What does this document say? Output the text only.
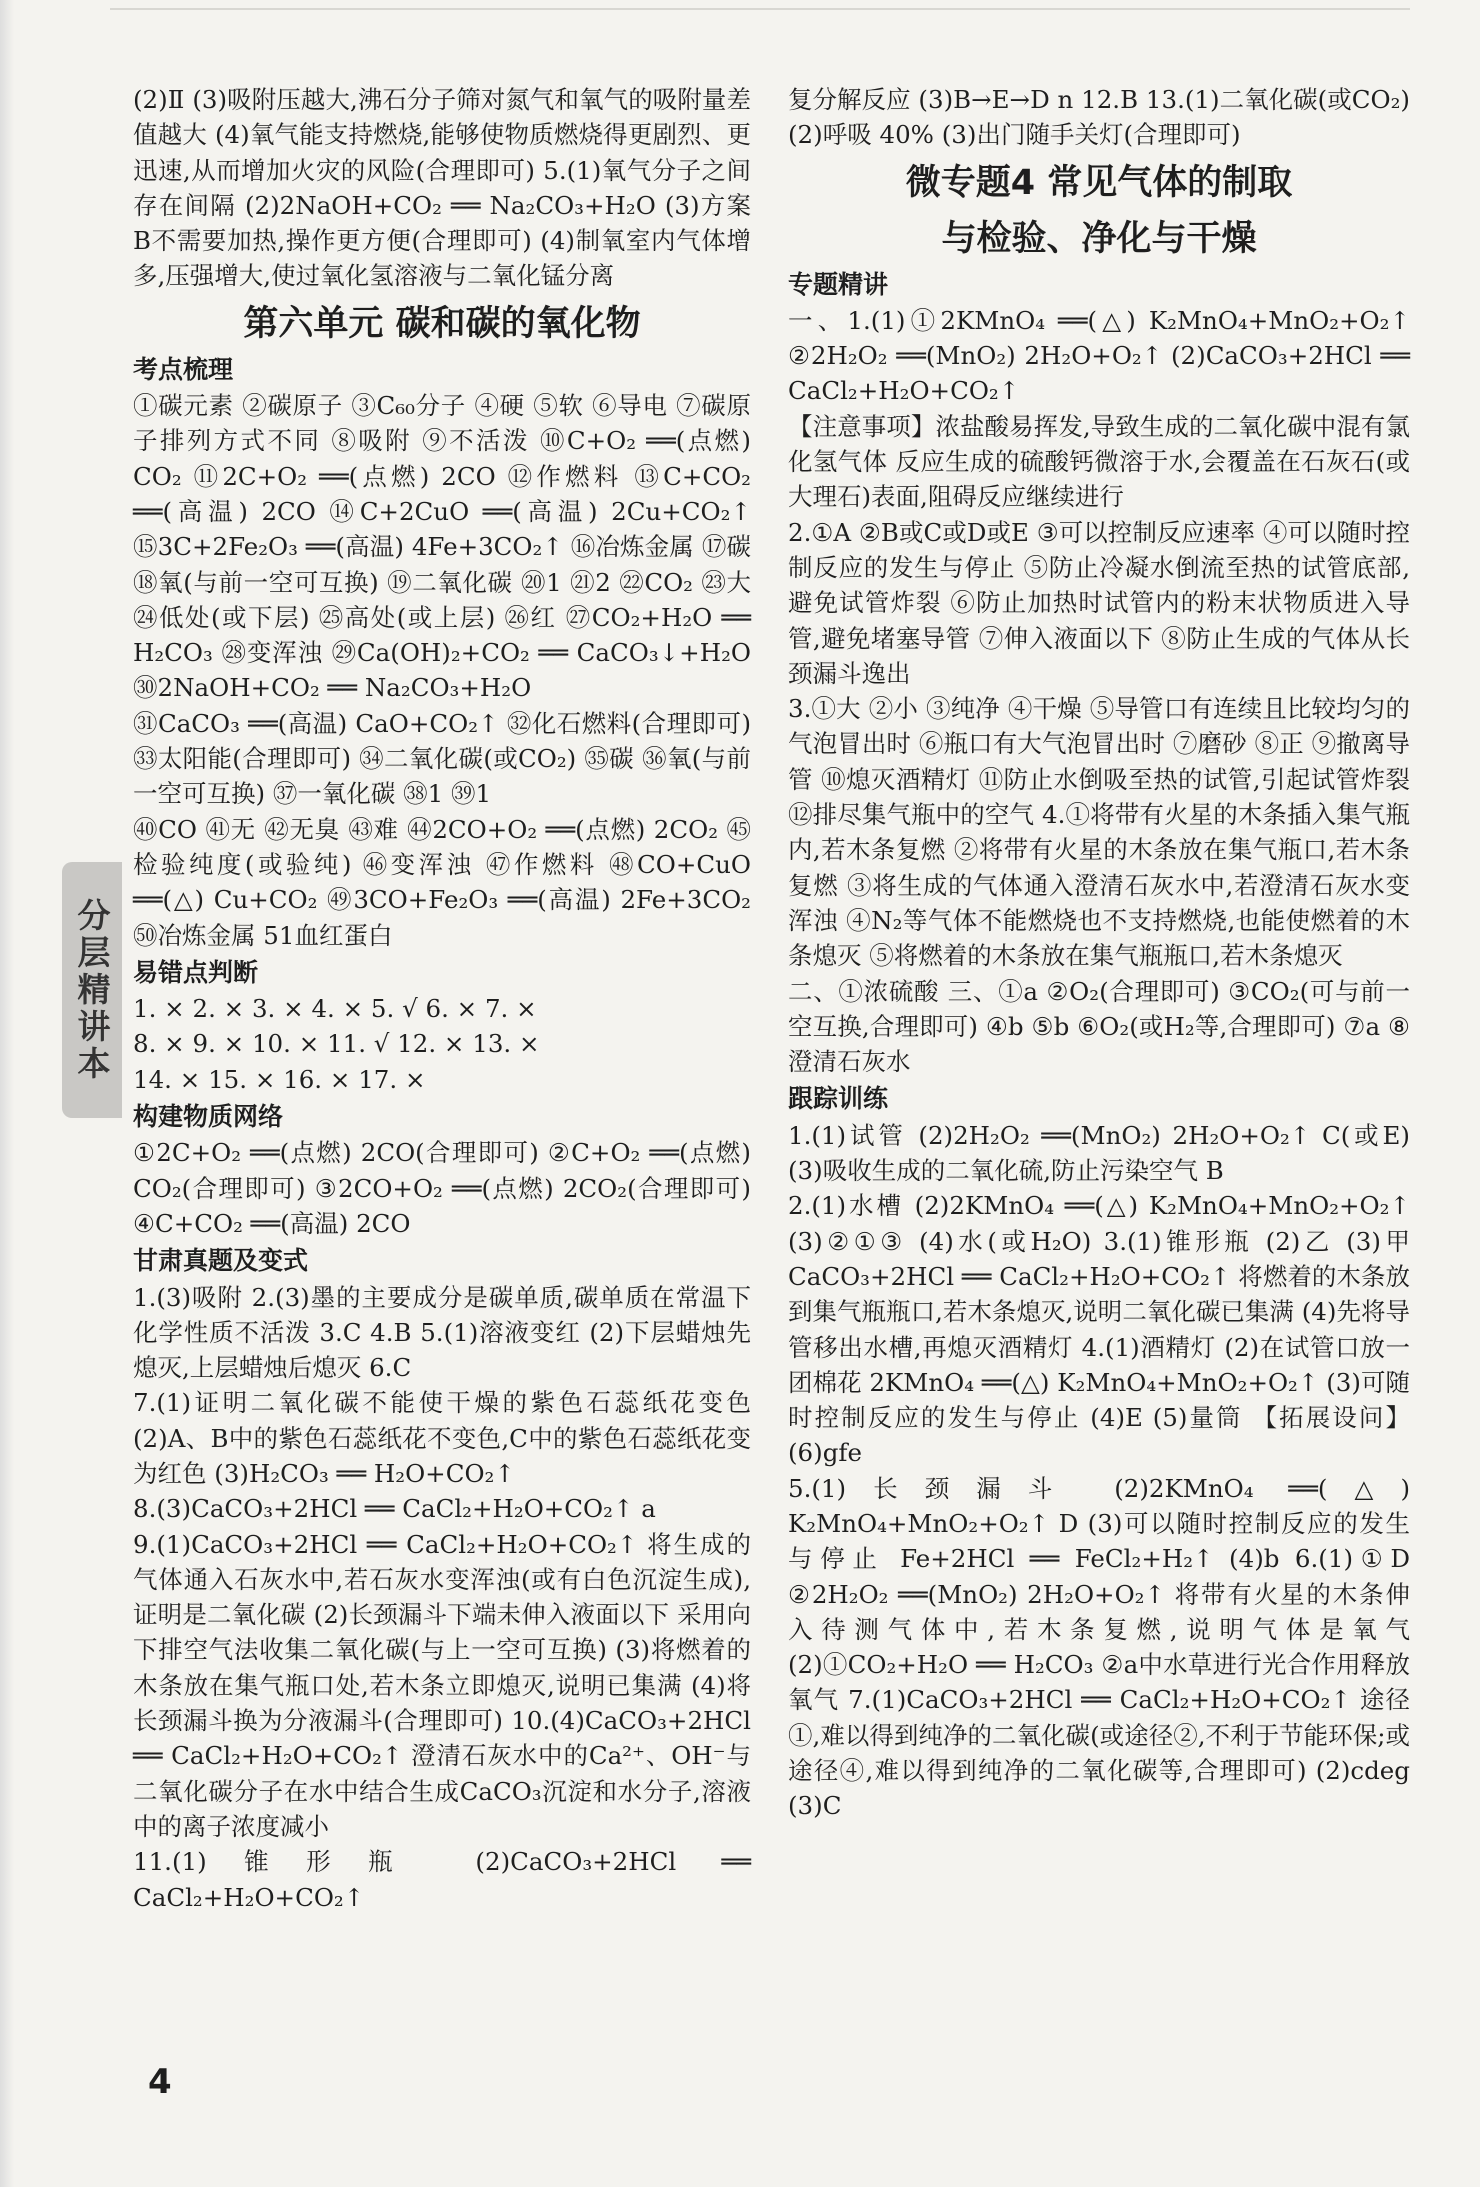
(2)Ⅱ (3)吸附压越大,沸石分子筛对氮气和氧气的吸附量差值越大 (4)氧气能支持燃烧,能够使物质燃烧得更剧烈、更迅速,从而增加火灾的风险(合理即可) 5.(1)氧气分子之间存在间隔 (2)2NaOH+CO₂ ══ Na₂CO₃+H₂O (3)方案B不需要加热,操作更方便(合理即可) (4)制氧室内气体增多,压强增大,使过氧化氢溶液与二氧化锰分离

第六单元 碳和碳的氧化物

考点梳理

①碳元素 ②碳原子 ③C₆₀分子 ④硬 ⑤软 ⑥导电 ⑦碳原子排列方式不同 ⑧吸附 ⑨不活泼 ⑩C+O₂ ══(点燃) CO₂ ⑪2C+O₂ ══(点燃) 2CO ⑫作燃料 ⑬C+CO₂ ══(高温) 2CO ⑭C+2CuO ══(高温) 2Cu+CO₂↑ ⑮3C+2Fe₂O₃ ══(高温) 4Fe+3CO₂↑ ⑯冶炼金属 ⑰碳 ⑱氧(与前一空可互换) ⑲二氧化碳 ⑳1 ㉑2 ㉒CO₂ ㉓大 ㉔低处(或下层) ㉕高处(或上层) ㉖红 ㉗CO₂+H₂O ══ H₂CO₃ ㉘变浑浊 ㉙Ca(OH)₂+CO₂ ══ CaCO₃↓+H₂O ㉚2NaOH+CO₂ ══ Na₂CO₃+H₂O

㉛CaCO₃ ══(高温) CaO+CO₂↑ ㉜化石燃料(合理即可) ㉝太阳能(合理即可) ㉞二氧化碳(或CO₂) ㉟碳 ㊱氧(与前一空可互换) ㊲一氧化碳 ㊳1 ㊴1

㊵CO ㊶无 ㊷无臭 ㊸难 ㊹2CO+O₂ ══(点燃) 2CO₂ ㊺检验纯度(或验纯) ㊻变浑浊 ㊼作燃料 ㊽CO+CuO ══(△) Cu+CO₂ ㊾3CO+Fe₂O₃ ══(高温) 2Fe+3CO₂ ㊿冶炼金属 51血红蛋白

易错点判断

1. × 2. × 3. × 4. × 5. √ 6. × 7. ×

8. × 9. × 10. × 11. √ 12. × 13. ×

14. × 15. × 16. × 17. ×

构建物质网络

①2C+O₂ ══(点燃) 2CO(合理即可) ②C+O₂ ══(点燃) CO₂(合理即可) ③2CO+O₂ ══(点燃) 2CO₂(合理即可) ④C+CO₂ ══(高温) 2CO

甘肃真题及变式

1.(3)吸附 2.(3)墨的主要成分是碳单质,碳单质在常温下化学性质不活泼 3.C 4.B 5.(1)溶液变红 (2)下层蜡烛先熄灭,上层蜡烛后熄灭 6.C

7.(1)证明二氧化碳不能使干燥的紫色石蕊纸花变色 (2)A、B中的紫色石蕊纸花不变色,C中的紫色石蕊纸花变为红色 (3)H₂CO₃ ══ H₂O+CO₂↑

8.(3)CaCO₃+2HCl ══ CaCl₂+H₂O+CO₂↑ a

9.(1)CaCO₃+2HCl ══ CaCl₂+H₂O+CO₂↑ 将生成的气体通入石灰水中,若石灰水变浑浊(或有白色沉淀生成),证明是二氧化碳 (2)长颈漏斗下端未伸入液面以下 采用向下排空气法收集二氧化碳(与上一空可互换) (3)将燃着的木条放在集气瓶口处,若木条立即熄灭,说明已集满 (4)将长颈漏斗换为分液漏斗(合理即可) 10.(4)CaCO₃+2HCl ══ CaCl₂+H₂O+CO₂↑ 澄清石灰水中的Ca²⁺、OH⁻与二氧化碳分子在水中结合生成CaCO₃沉淀和水分子,溶液中的离子浓度减小

11.(1)锥形瓶 (2)CaCO₃+2HCl ══ CaCl₂+H₂O+CO₂↑

复分解反应 (3)B→E→D n 12.B 13.(1)二氧化碳(或CO₂) (2)呼吸 40% (3)出门随手关灯(合理即可)

微专题4 常见气体的制取

与检验、净化与干燥

专题精讲

一、1.(1)①2KMnO₄ ══(△) K₂MnO₄+MnO₂+O₂↑ ②2H₂O₂ ══(MnO₂) 2H₂O+O₂↑ (2)CaCO₃+2HCl ══ CaCl₂+H₂O+CO₂↑

【注意事项】浓盐酸易挥发,导致生成的二氧化碳中混有氯化氢气体 反应生成的硫酸钙微溶于水,会覆盖在石灰石(或大理石)表面,阻碍反应继续进行

2.①A ②B或C或D或E ③可以控制反应速率 ④可以随时控制反应的发生与停止 ⑤防止冷凝水倒流至热的试管底部,避免试管炸裂 ⑥防止加热时试管内的粉末状物质进入导管,避免堵塞导管 ⑦伸入液面以下 ⑧防止生成的气体从长颈漏斗逸出

3.①大 ②小 ③纯净 ④干燥 ⑤导管口有连续且比较均匀的气泡冒出时 ⑥瓶口有大气泡冒出时 ⑦磨砂 ⑧正 ⑨撤离导管 ⑩熄灭酒精灯 ⑪防止水倒吸至热的试管,引起试管炸裂 ⑫排尽集气瓶中的空气 4.①将带有火星的木条插入集气瓶内,若木条复燃 ②将带有火星的木条放在集气瓶口,若木条复燃 ③将生成的气体通入澄清石灰水中,若澄清石灰水变浑浊 ④N₂等气体不能燃烧也不支持燃烧,也能使燃着的木条熄灭 ⑤将燃着的木条放在集气瓶瓶口,若木条熄灭

二、①浓硫酸 三、①a ②O₂(合理即可) ③CO₂(可与前一空互换,合理即可) ④b ⑤b ⑥O₂(或H₂等,合理即可) ⑦a ⑧澄清石灰水

跟踪训练

1.(1)试管 (2)2H₂O₂ ══(MnO₂) 2H₂O+O₂↑ C(或E) (3)吸收生成的二氧化硫,防止污染空气 B

2.(1)水槽 (2)2KMnO₄ ══(△) K₂MnO₄+MnO₂+O₂↑ (3)②①③ (4)水(或H₂O) 3.(1)锥形瓶 (2)乙 (3)甲 CaCO₃+2HCl ══ CaCl₂+H₂O+CO₂↑ 将燃着的木条放到集气瓶瓶口,若木条熄灭,说明二氧化碳已集满 (4)先将导管移出水槽,再熄灭酒精灯 4.(1)酒精灯 (2)在试管口放一团棉花 2KMnO₄ ══(△) K₂MnO₄+MnO₂+O₂↑ (3)可随时控制反应的发生与停止 (4)E (5)量筒 【拓展设问】(6)gfe

5.(1)长颈漏斗 (2)2KMnO₄ ══(△) K₂MnO₄+MnO₂+O₂↑ D (3)可以随时控制反应的发生与停止 Fe+2HCl ══ FeCl₂+H₂↑ (4)b 6.(1)①D ②2H₂O₂ ══(MnO₂) 2H₂O+O₂↑ 将带有火星的木条伸入待测气体中,若木条复燃,说明气体是氧气 (2)①CO₂+H₂O ══ H₂CO₃ ②a中水草进行光合作用释放氧气 7.(1)CaCO₃+2HCl ══ CaCl₂+H₂O+CO₂↑ 途径①,难以得到纯净的二氧化碳(或途径②,不利于节能环保;或途径④,难以得到纯净的二氧化碳等,合理即可) (2)cdeg (3)C

分层精讲本
4
